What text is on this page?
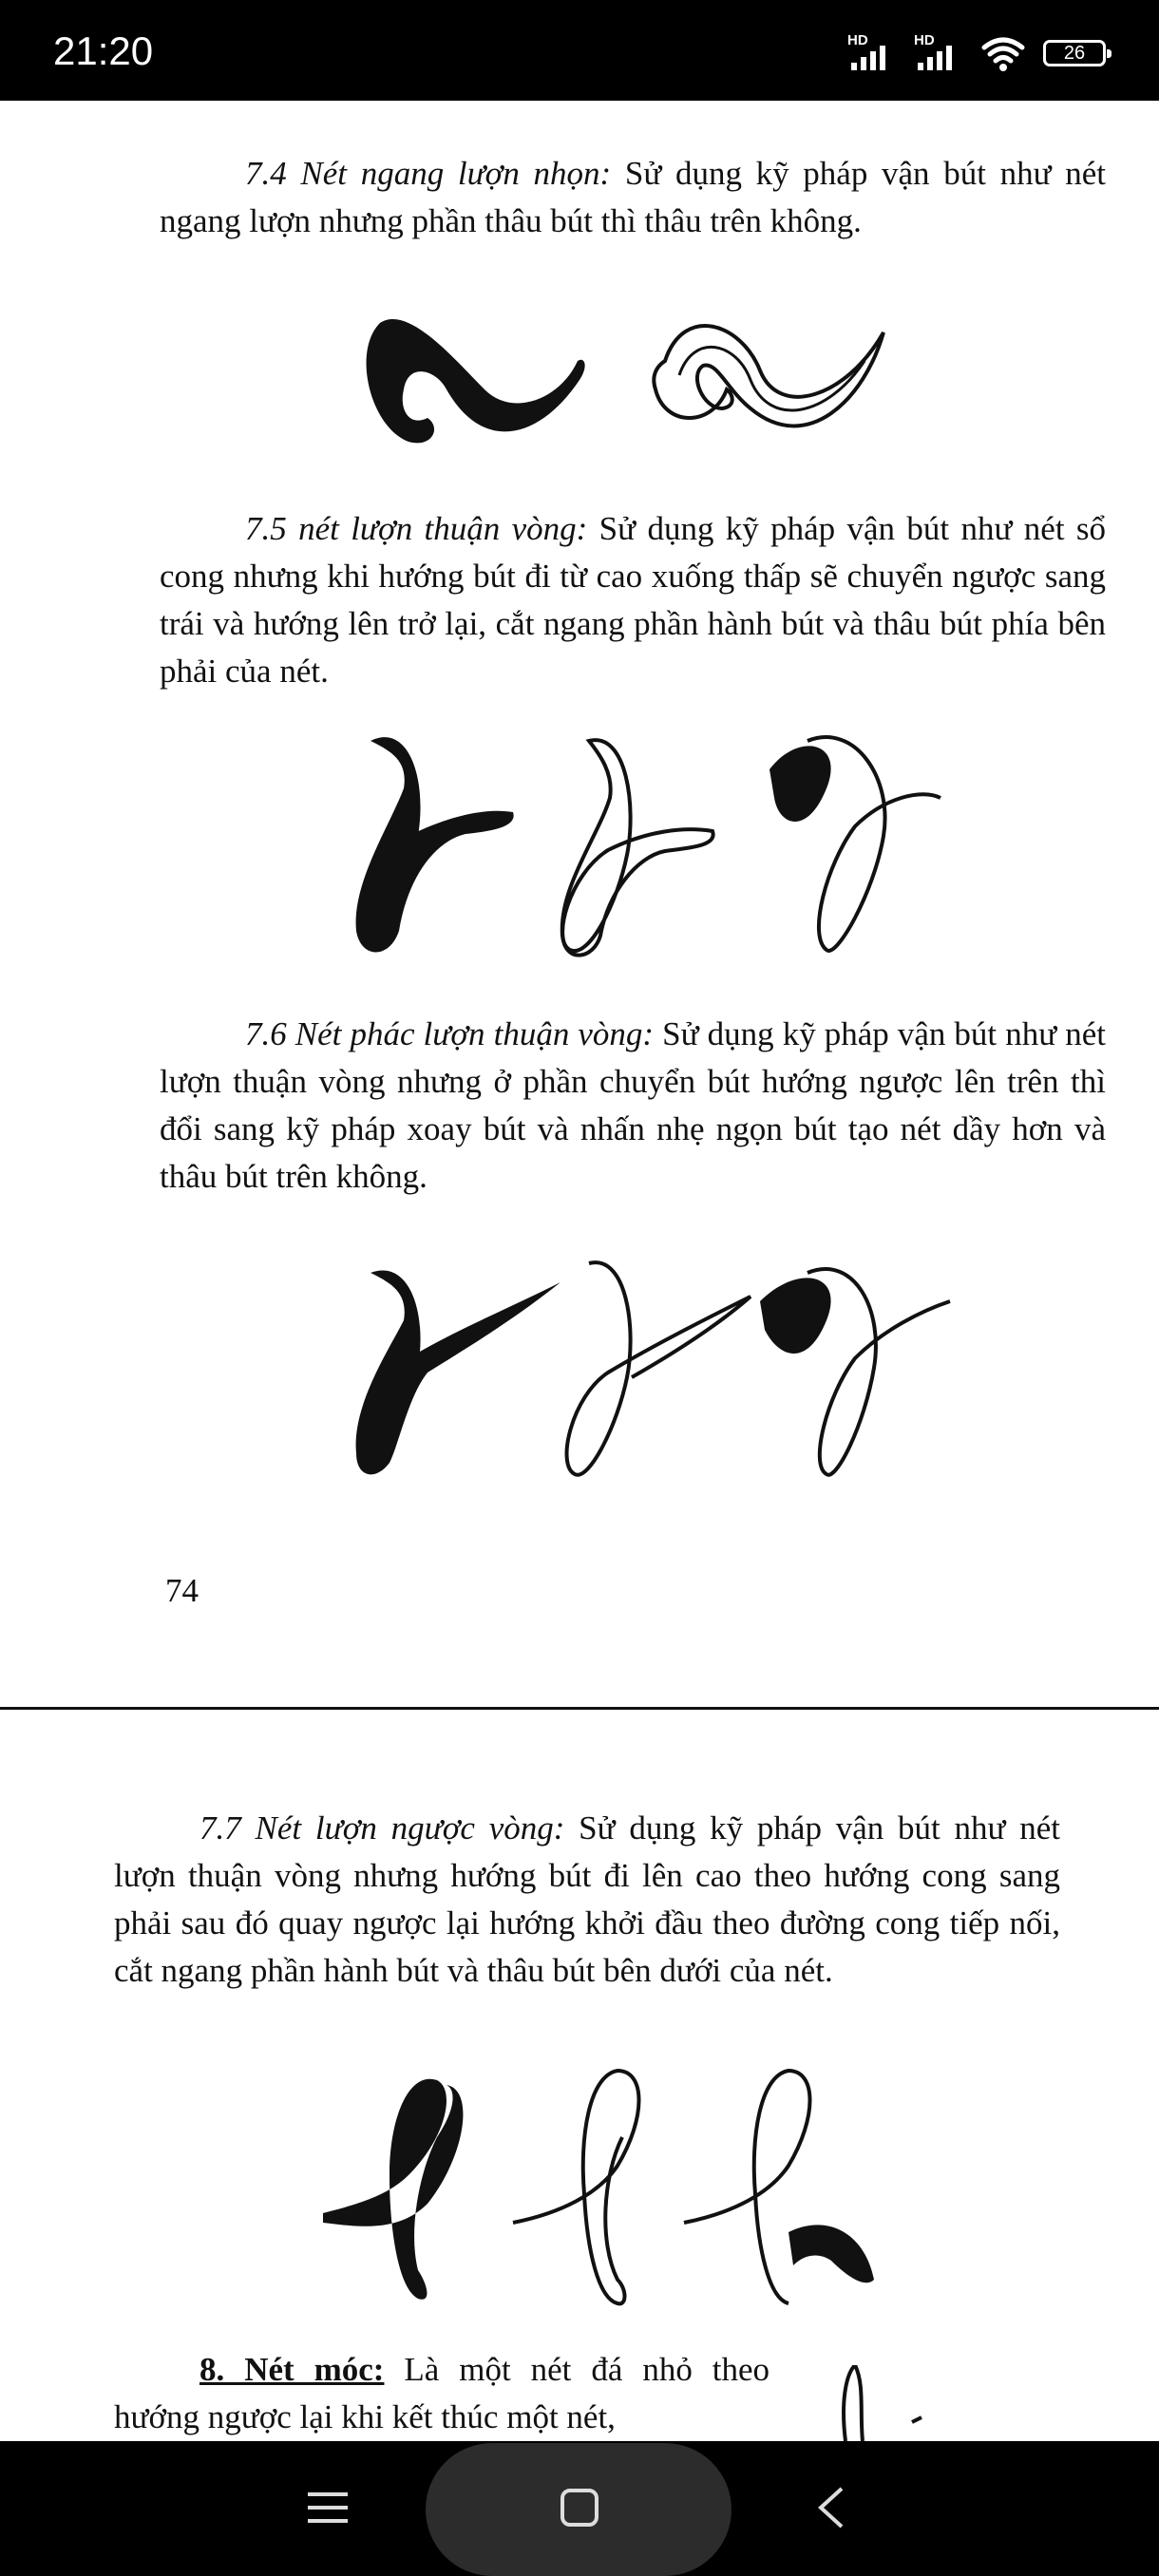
21:20	HD	HD
26
7.4 Nét ngang lượn nhọn: Sử dụng kỹ pháp vận bút như nét ngang lượn nhưng phần thâu bút thì thâu trên không.
7.5 nét lượn thuận vòng: Sử dụng kỹ pháp vận bút như nét sổ cong nhưng khi hướng bút đi từ cao xuống thấp sẽ chuyển ngược sang trái và hướng lên trở lại, cắt ngang phần hành bút và thâu bút phía bên phải của nét.
7.6 Nét phác lượn thuận vòng: Sử dụng kỹ pháp vận bút như nét lượn thuận vòng nhưng ở phần chuyển bút hướng ngược lên trên thì đổi sang kỹ pháp xoay bút và nhấn nhẹ ngọn bút tạo nét dầy hơn và thâu bút trên không.
74
7.7 Nét lượn ngược vòng: Sử dụng kỹ pháp vận bút như nét lượn thuận vòng nhưng hướng bút đi lên cao theo hướng cong sang phải sau đó quay ngược lại hướng khởi đầu theo đường cong tiếp nối, cắt ngang phần hành bút và thâu bút bên dưới của nét.
8. Nét móc: Là một nét đá nhỏ theo hướng ngược lại khi kết thúc một nét,
